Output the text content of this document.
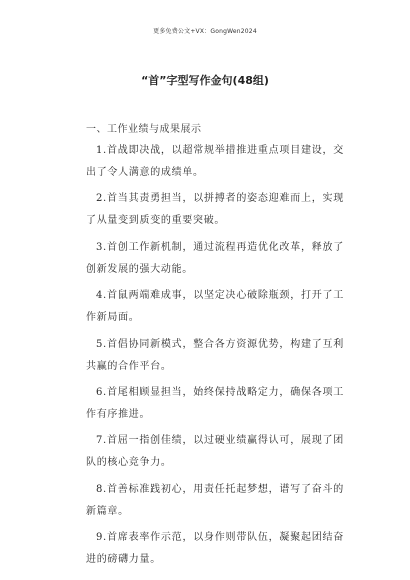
更多免费公文+VX：GongWen2024
“首”字型写作金句(48组)
一、工作业绩与成果展示

1.首战即决战，以超常规举措推进重点项目建设，交出了令人满意的成绩单。

2.首当其责勇担当，以拼搏者的姿态迎难而上，实现了从量变到质变的重要突破。

3.首创工作新机制，通过流程再造优化改革，释放了创新发展的强大动能。

4.首鼠两端难成事，以坚定决心破除瓶颈，打开了工作新局面。

5.首倡协同新模式，整合各方资源优势，构建了互利共赢的合作平台。

6.首尾相顾显担当，始终保持战略定力，确保各项工作有序推进。

7.首屈一指创佳绩，以过硬业绩赢得认可，展现了团队的核心竞争力。

8.首善标准践初心，用责任托起梦想，谱写了奋斗的新篇章。

9.首席表率作示范，以身作则带队伍，凝聚起团结奋进的磅礴力量。
